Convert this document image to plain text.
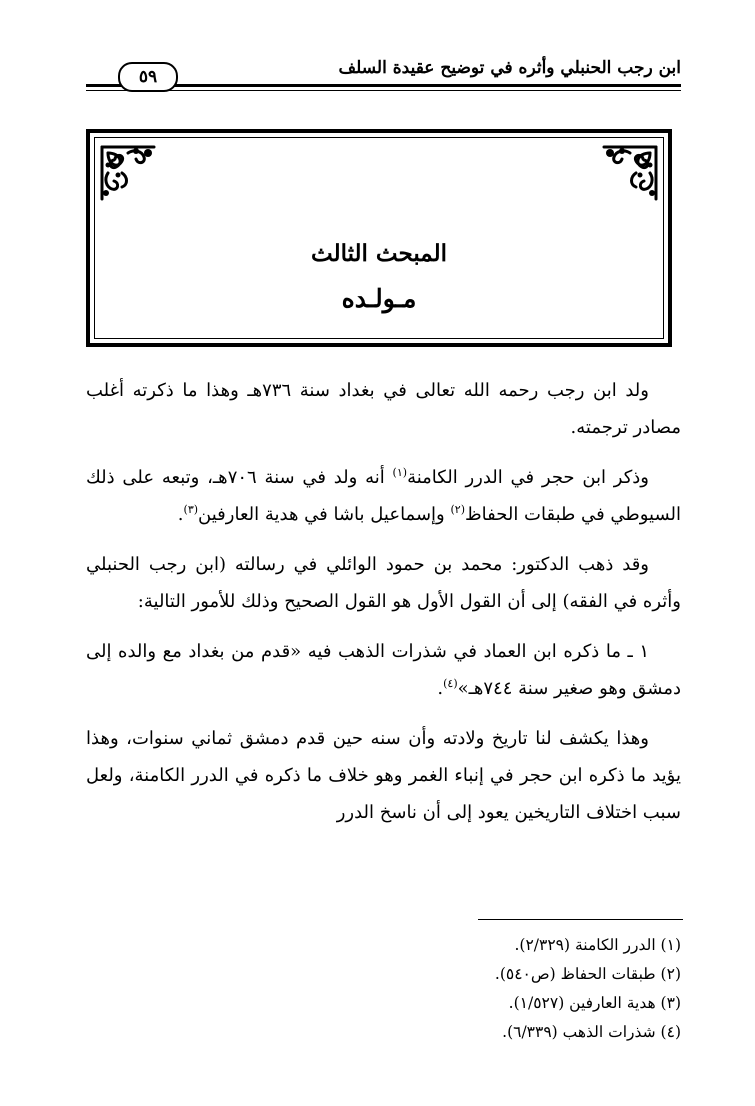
ابن رجب الحنبلي وأثره في توضيح عقيدة السلف
٥٩
المبحث الثالث
مـولـده

ولد ابن رجب رحمه الله تعالى في بغداد سنة ٧٣٦هـ وهذا ما ذكرته أغلب مصادر ترجمته.

وذكر ابن حجر في الدرر الكامنة$^{(١)}$ أنه ولد في سنة ٧٠٦هـ، وتبعه على ذلك السيوطي في طبقات الحفاظ$^{(٢)}$ وإسماعيل باشا في هدية العارفين$^{(٣)}$.

وقد ذهب الدكتور: محمد بن حمود الوائلي في رسالته (ابن رجب الحنبلي وأثره في الفقه) إلى أن القول الأول هو القول الصحيح وذلك للأمور التالية:

١ ـ ما ذكره ابن العماد في شذرات الذهب فيه «قدم من بغداد مع والده إلى دمشق وهو صغير سنة ٧٤٤هـ»$^{(٤)}$.

وهذا يكشف لنا تاريخ ولادته وأن سنه حين قدم دمشق ثماني سنوات، وهذا يؤيد ما ذكره ابن حجر في إنباء الغمر وهو خلاف ما ذكره في الدرر الكامنة، ولعل سبب اختلاف التاريخين يعود إلى أن ناسخ الدرر

(١) الدرر الكامنة (٢/٣٢٩).
(٢) طبقات الحفاظ (ص٥٤٠).
(٣) هدية العارفين (١/٥٢٧).
(٤) شذرات الذهب (٦/٣٣٩).
